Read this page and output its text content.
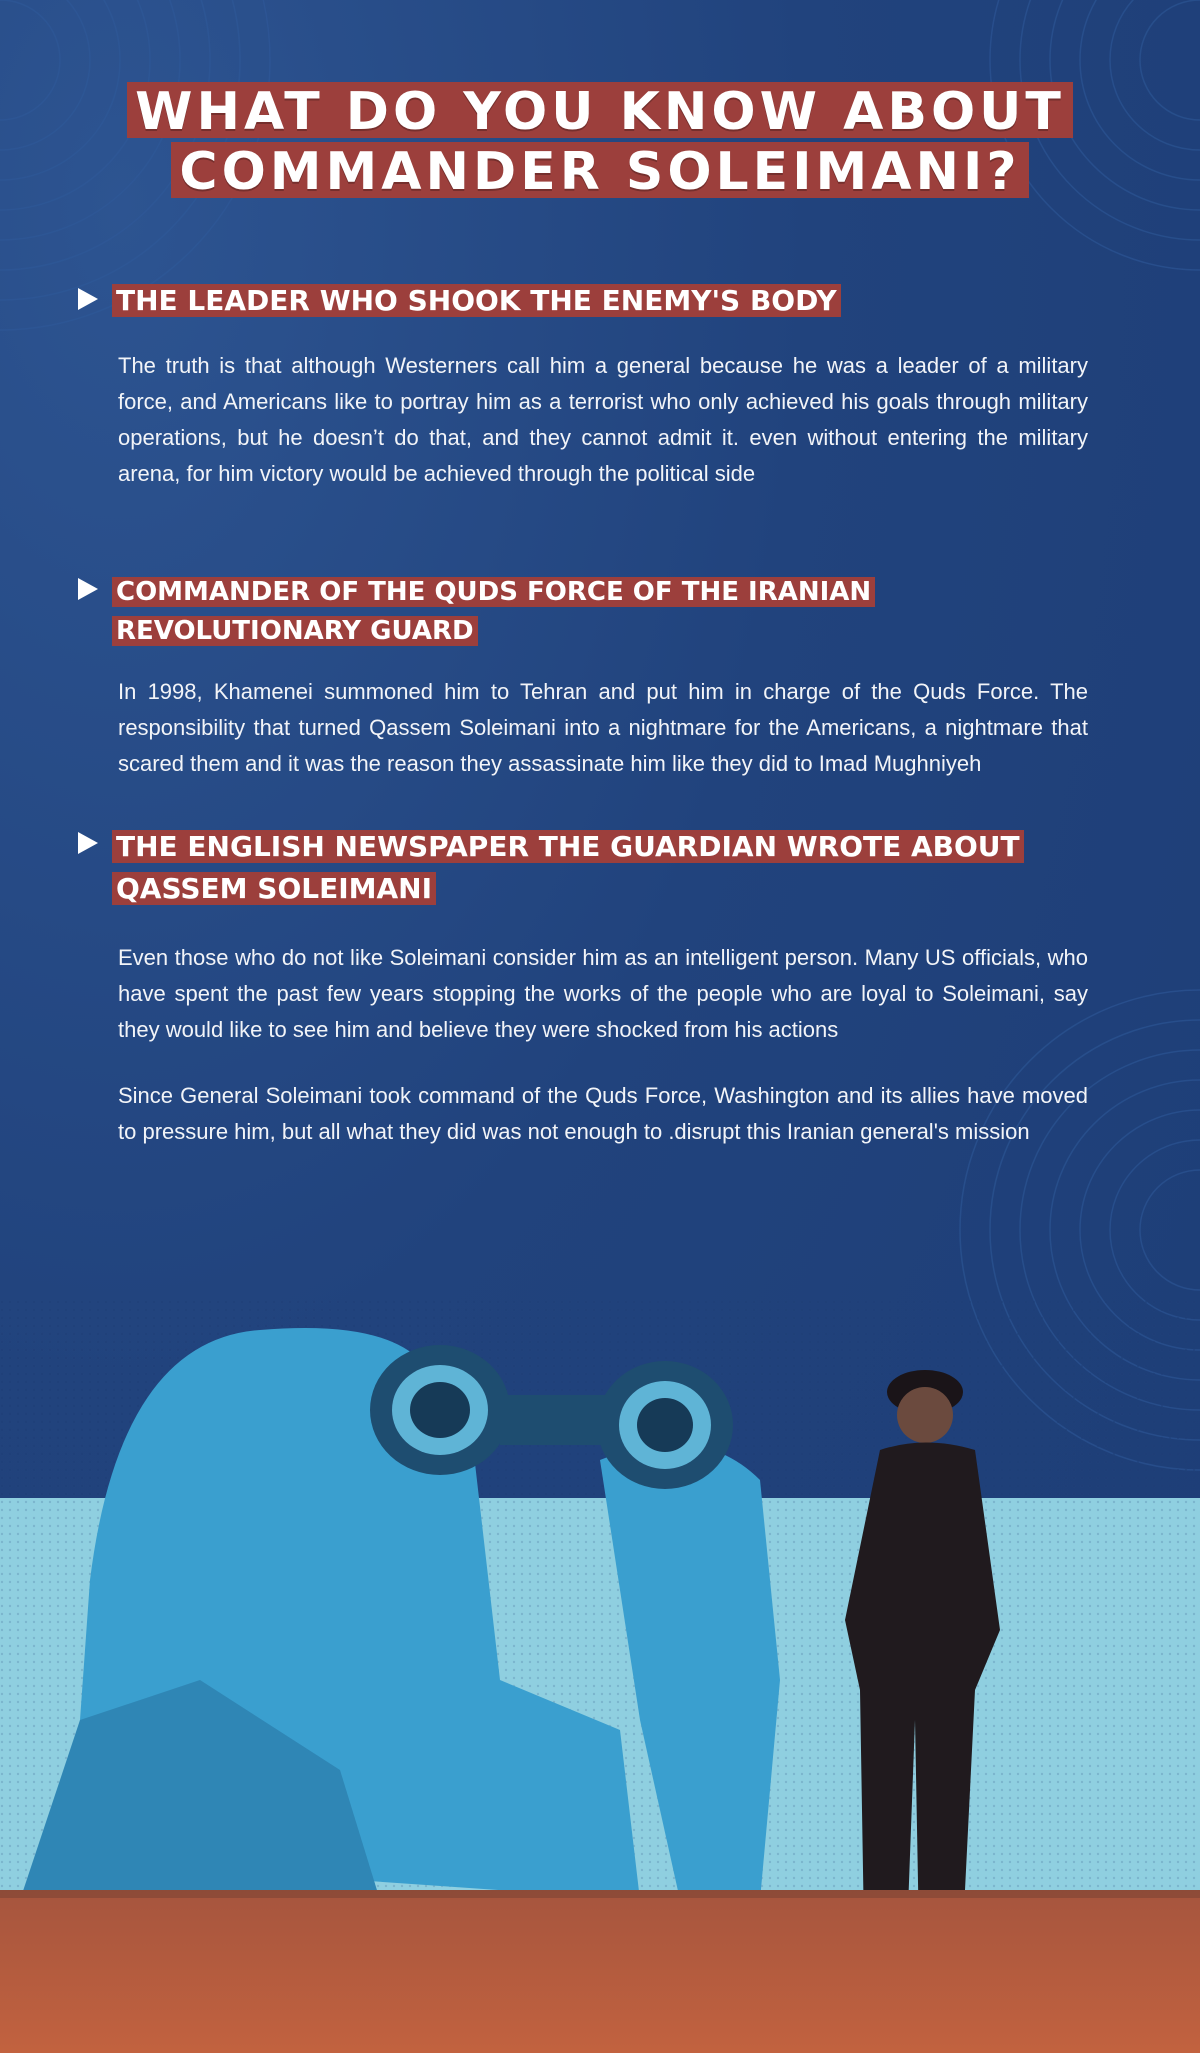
WHAT DO YOU KNOW ABOUT
COMMANDER SOLEIMANI?
THE LEADER WHO SHOOK THE ENEMY'S BODY

The truth is that although Westerners call him a general because he was a leader of a military force, and Americans like to portray him as a terrorist who only achieved his goals through military operations, but he doesn’t do that, and they cannot admit it. even without entering the military arena, for him victory would be achieved through the political side

COMMANDER OF THE QUDS FORCE OF THE IRANIAN REVOLUTIONARY GUARD

In 1998, Khamenei summoned him to Tehran and put him in charge of the Quds Force. The responsibility that turned Qassem Soleimani into a nightmare for the Americans, a nightmare that scared them and it was the reason they assassinate him like they did to Imad Mughniyeh

THE ENGLISH NEWSPAPER THE GUARDIAN WROTE ABOUT QASSEM SOLEIMANI

Even those who do not like Soleimani consider him as an intelligent person. Many US officials, who have spent the past few years stopping the works of the people who are loyal to Soleimani, say they would like to see him and believe they were shocked from his actions

Since General Soleimani took command of the Quds Force, Washington and its allies have moved to pressure him, but all what they did was not enough to .disrupt this Iranian general's mission
